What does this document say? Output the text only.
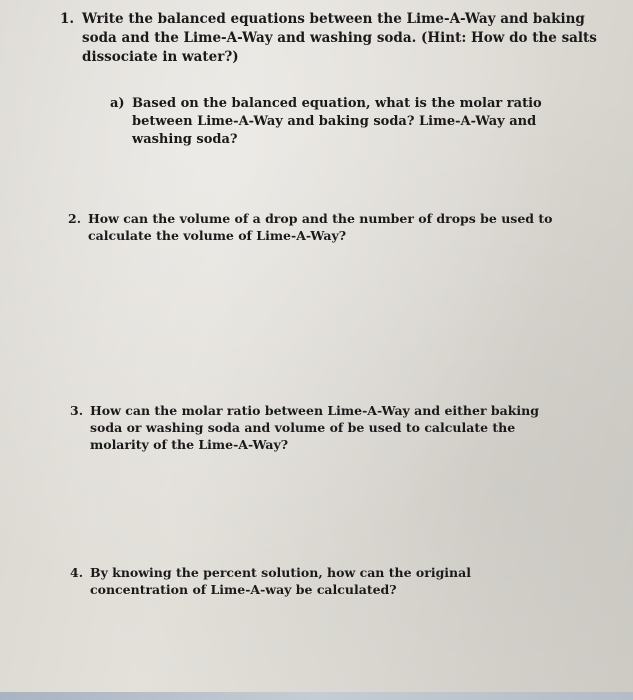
1. Write the balanced equations between the Lime-A-Way and baking soda and the Lime-A-Way and washing soda. (Hint: How do the salts dissociate in water?)
a) Based on the balanced equation, what is the molar ratio between Lime-A-Way and baking soda? Lime-A-Way and washing soda?
2. How can the volume of a drop and the number of drops be used to calculate the volume of Lime-A-Way?
3. How can the molar ratio between Lime-A-Way and either baking soda or washing soda and volume of be used to calculate the molarity of the Lime-A-Way?
4. By knowing the percent solution, how can the original concentration of Lime-A-way be calculated?
